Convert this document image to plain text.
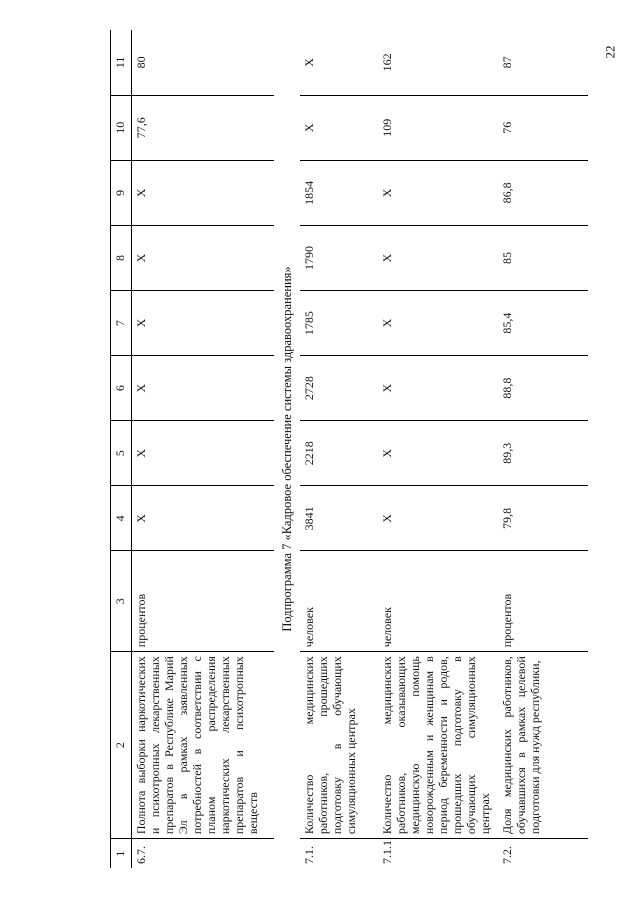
22
1	2	3	4	5	6	7	8	9	10	11
6.7.	Полнота выборки наркотических и психотропных лекарственных препаратов в Республике Марий Эл в рамках заявленных потребностей в соответствии с планом распределения наркотических лекарственных препаратов и психотропных веществ	процентов	Х	Х	Х	Х	Х	Х	77,6	80
Подпрограмма 7 «Кадровое обеспечение системы здравоохранения»										
7.1.	Количество медицинских работников, прошедших подготовку в обучающих симуляционных центрах	человек	3841	2218	2728	1785	1790	1854	Х	Х
7.1.1.	Количество медицинских работников, оказывающих медицинскую помощь новорожденным и женщинам в период беременности и родов, прошедших подготовку в обучающих симуляционных центрах	человек	Х	Х	Х	Х	Х	Х	109	162
7.2.	Доля медицинских работников, обучавшихся в рамках целевой подготовки для нужд республики,	процентов	79,8	89,3	88,8	85,4	85	86,8	76	87
